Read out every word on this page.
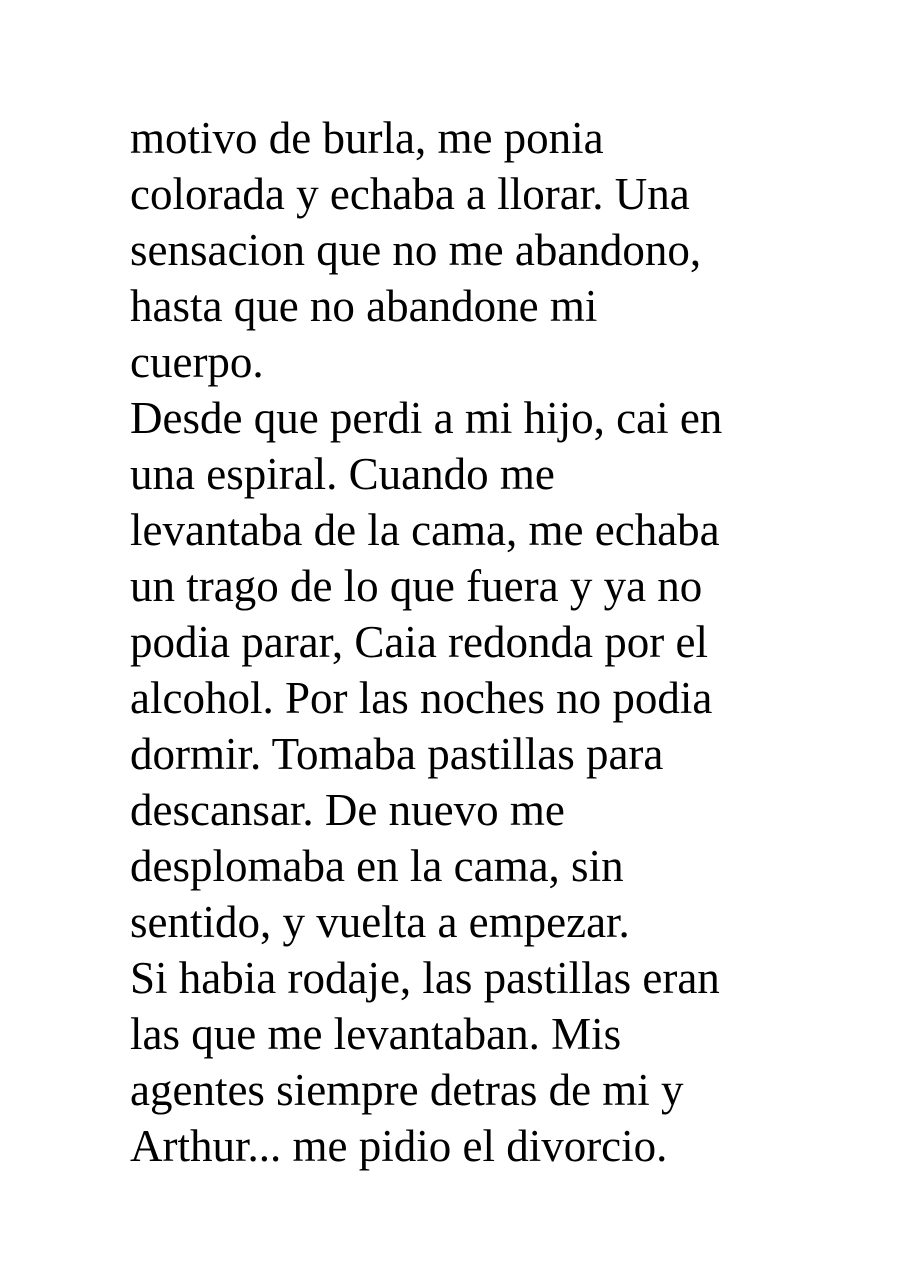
motivo de burla, me ponia
colorada y echaba a llorar. Una
sensacion que no me abandono,
hasta que no abandone mi
cuerpo.
Desde que perdi a mi hijo, cai en
una espiral. Cuando me
levantaba de la cama, me echaba
un trago de lo que fuera y ya no
podia parar, Caia redonda por el
alcohol. Por las noches no podia
dormir. Tomaba pastillas para
descansar. De nuevo me
desplomaba en la cama, sin
sentido, y vuelta a empezar.
Si habia rodaje, las pastillas eran
las que me levantaban. Mis
agentes siempre detras de mi y
Arthur... me pidio el divorcio.
